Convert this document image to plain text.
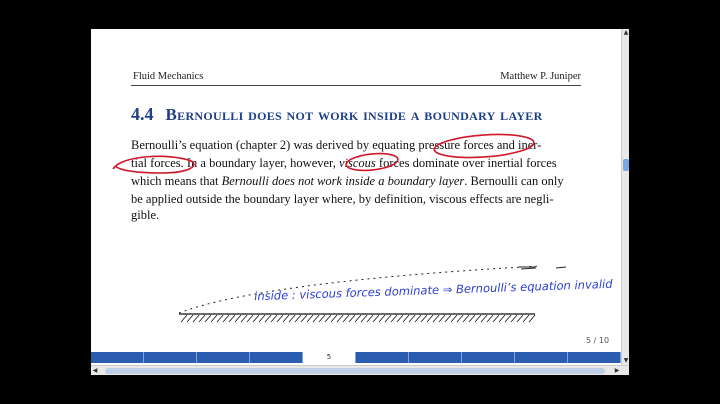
Fluid Mechanics	Matthew P. Juniper
4.4 Bernoulli does not work inside a boundary layer
Bernoulli’s equation (chapter 2) was derived by equating pressure forces and iner-
tial forces. In a boundary layer, however, viscous forces dominate over inertial forces
which means that Bernoulli does not work inside a boundary layer. Bernoulli can only
be applied outside the boundary layer where, by definition, viscous effects are negli-
gible.
inside : viscous forces dominate ⇒ Bernoulli’s equation invalid
5 / 10
5
▲
▼
◀	▶
